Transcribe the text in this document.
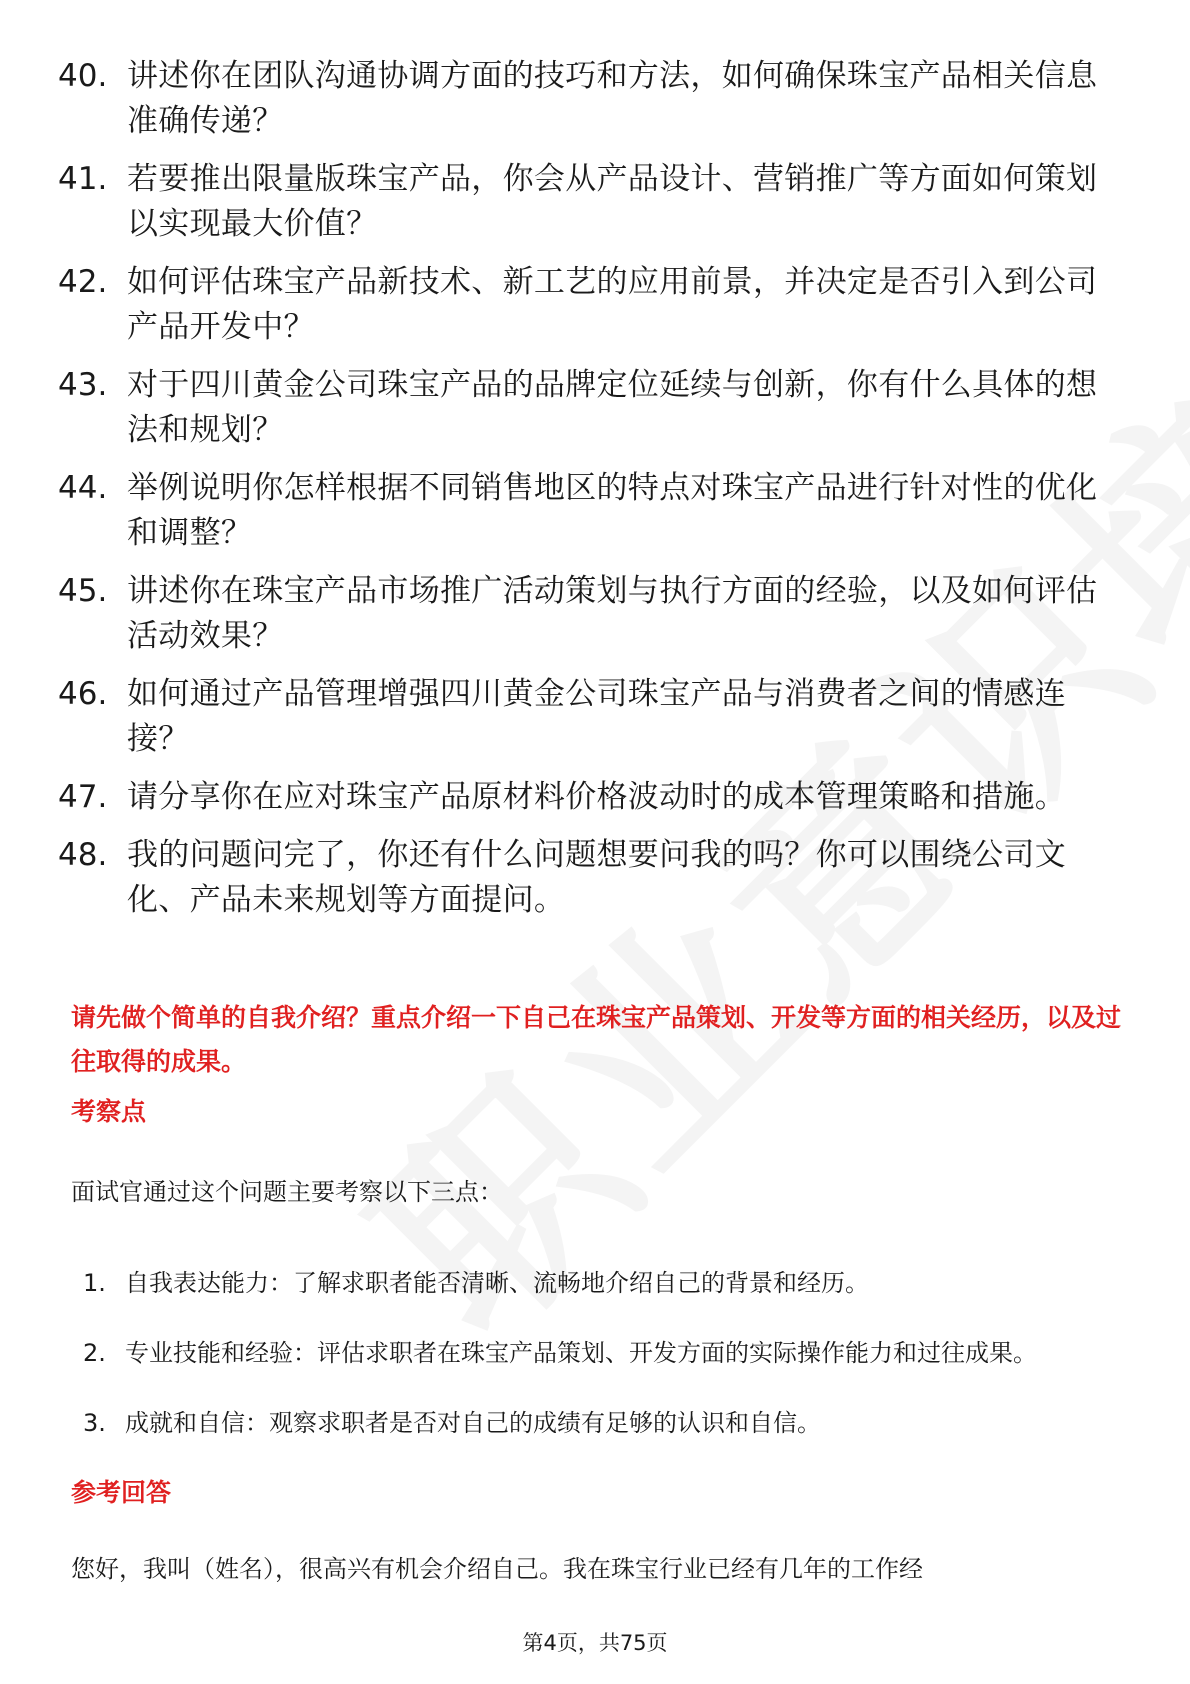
40. 讲述你在团队沟通协调方面的技巧和方法，如何确保珠宝产品相关信息准确传递？
41. 若要推出限量版珠宝产品，你会从产品设计、营销推广等方面如何策划以实现最大价值？
42. 如何评估珠宝产品新技术、新工艺的应用前景，并决定是否引入到公司产品开发中？
43. 对于四川黄金公司珠宝产品的品牌定位延续与创新，你有什么具体的想法和规划？
44. 举例说明你怎样根据不同销售地区的特点对珠宝产品进行针对性的优化和调整？
45. 讲述你在珠宝产品市场推广活动策划与执行方面的经验，以及如何评估活动效果？
46. 如何通过产品管理增强四川黄金公司珠宝产品与消费者之间的情感连接？
47. 请分享你在应对珠宝产品原材料价格波动时的成本管理策略和措施。
48. 我的问题问完了，你还有什么问题想要问我的吗？你可以围绕公司文化、产品未来规划等方面提问。
请先做个简单的自我介绍？重点介绍一下自己在珠宝产品策划、开发等方面的相关经历，以及过往取得的成果。
考察点
面试官通过这个问题主要考察以下三点：
1. 自我表达能力：了解求职者能否清晰、流畅地介绍自己的背景和经历。
2. 专业技能和经验：评估求职者在珠宝产品策划、开发方面的实际操作能力和过往成果。
3. 成就和自信：观察求职者是否对自己的成绩有足够的认识和自信。
参考回答
您好，我叫（姓名），很高兴有机会介绍自己。我在珠宝行业已经有几年的工作经
第4页，共75页
